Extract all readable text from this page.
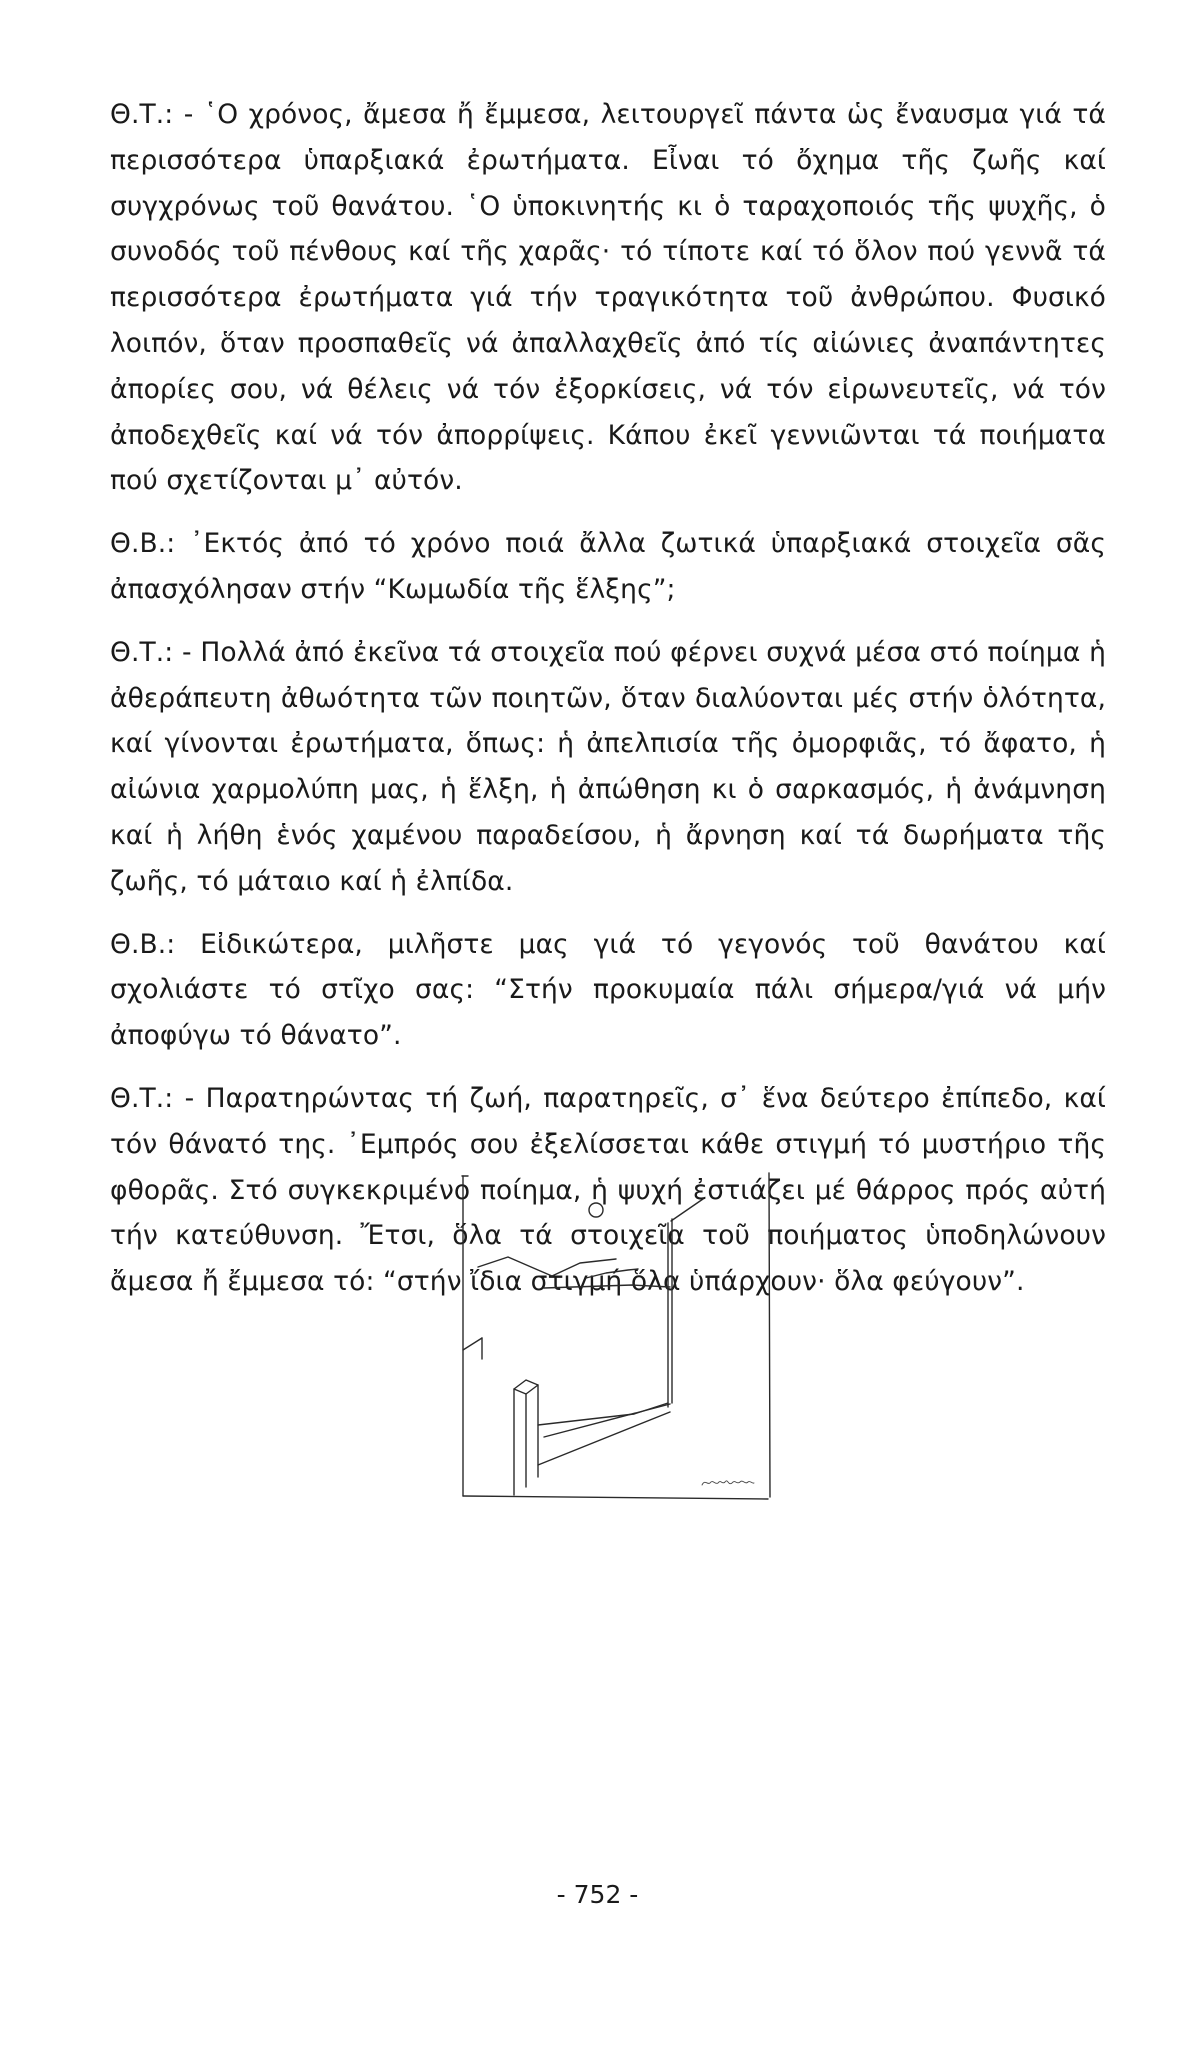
Θ.Τ.: - ῾Ο χρόνος, ἄμεσα ἤ ἔμμεσα, λειτουργεῖ πάντα ὡς ἔναυσμα γιά τά περισσότερα ὑπαρξιακά ἐρωτήματα. Εἶναι τό ὄχημα τῆς ζωῆς καί συγχρόνως τοῦ θανάτου. ῾Ο ὑποκινητής κι ὁ ταραχοποιός τῆς ψυχῆς, ὁ συνοδός τοῦ πένθους καί τῆς χαρᾶς· τό τίποτε καί τό ὅλον πού γεννᾶ τά περισσότερα ἐρωτήματα γιά τήν τραγικότητα τοῦ ἀνθρώπου. Φυσικό λοιπόν, ὅταν προσπαθεῖς νά ἀπαλλαχθεῖς ἀπό τίς αἰώνιες ἀναπάντητες ἀπορίες σου, νά θέλεις νά τόν ἐξορκίσεις, νά τόν εἰρωνευτεῖς, νά τόν ἀποδεχθεῖς καί νά τόν ἀπορρίψεις. Κάπου ἐκεῖ γεννιῶνται τά ποιήματα πού σχετίζονται μ᾽ αὐτόν.

Θ.Β.: ᾽Εκτός ἀπό τό χρόνο ποιά ἄλλα ζωτικά ὑπαρξιακά στοιχεῖα σᾶς ἀπασχόλησαν στήν “Κωμωδία τῆς ἕλξης”;

Θ.Τ.: - Πολλά ἀπό ἐκεῖνα τά στοιχεῖα πού φέρνει συχνά μέσα στό ποίημα ἡ ἀθεράπευτη ἀθωότητα τῶν ποιητῶν, ὅταν διαλύονται μές στήν ὁλότητα, καί γίνονται ἐρωτήματα, ὅπως: ἡ ἀπελπισία τῆς ὀμορφιᾶς, τό ἄφατο, ἡ αἰώνια χαρμολύπη μας, ἡ ἕλξη, ἡ ἀπώθηση κι ὁ σαρκασμός, ἡ ἀνάμνηση καί ἡ λήθη ἑνός χαμένου παραδείσου, ἡ ἄρνηση καί τά δωρήματα τῆς ζωῆς, τό μάταιο καί ἡ ἐλπίδα.

Θ.Β.: Εἰδικώτερα, μιλῆστε μας γιά τό γεγονός τοῦ θανάτου καί σχολιάστε τό στῖχο σας: “Στήν προκυμαία πάλι σήμερα/γιά νά μήν ἀποφύγω τό θάνατο”.

Θ.Τ.: - Παρατηρώντας τή ζωή, παρατηρεῖς, σ᾽ ἕνα δεύτερο ἐπίπεδο, καί τόν θάνατό της. ᾽Εμπρός σου ἐξελίσσεται κάθε στιγμή τό μυστήριο τῆς φθορᾶς. Στό συγκεκριμένο ποίημα, ἡ ψυχή ἐστιάζει μέ θάρρος πρός αὐτή τήν κατεύθυνση. Ἔτσι, ὅλα τά στοιχεῖα τοῦ ποιήματος ὑποδηλώνουν ἄμεσα ἤ ἔμμεσα τό: “στήν ἴδια στιγμή ὅλα ὑπάρχουν· ὅλα φεύγουν”.

- 752 -
